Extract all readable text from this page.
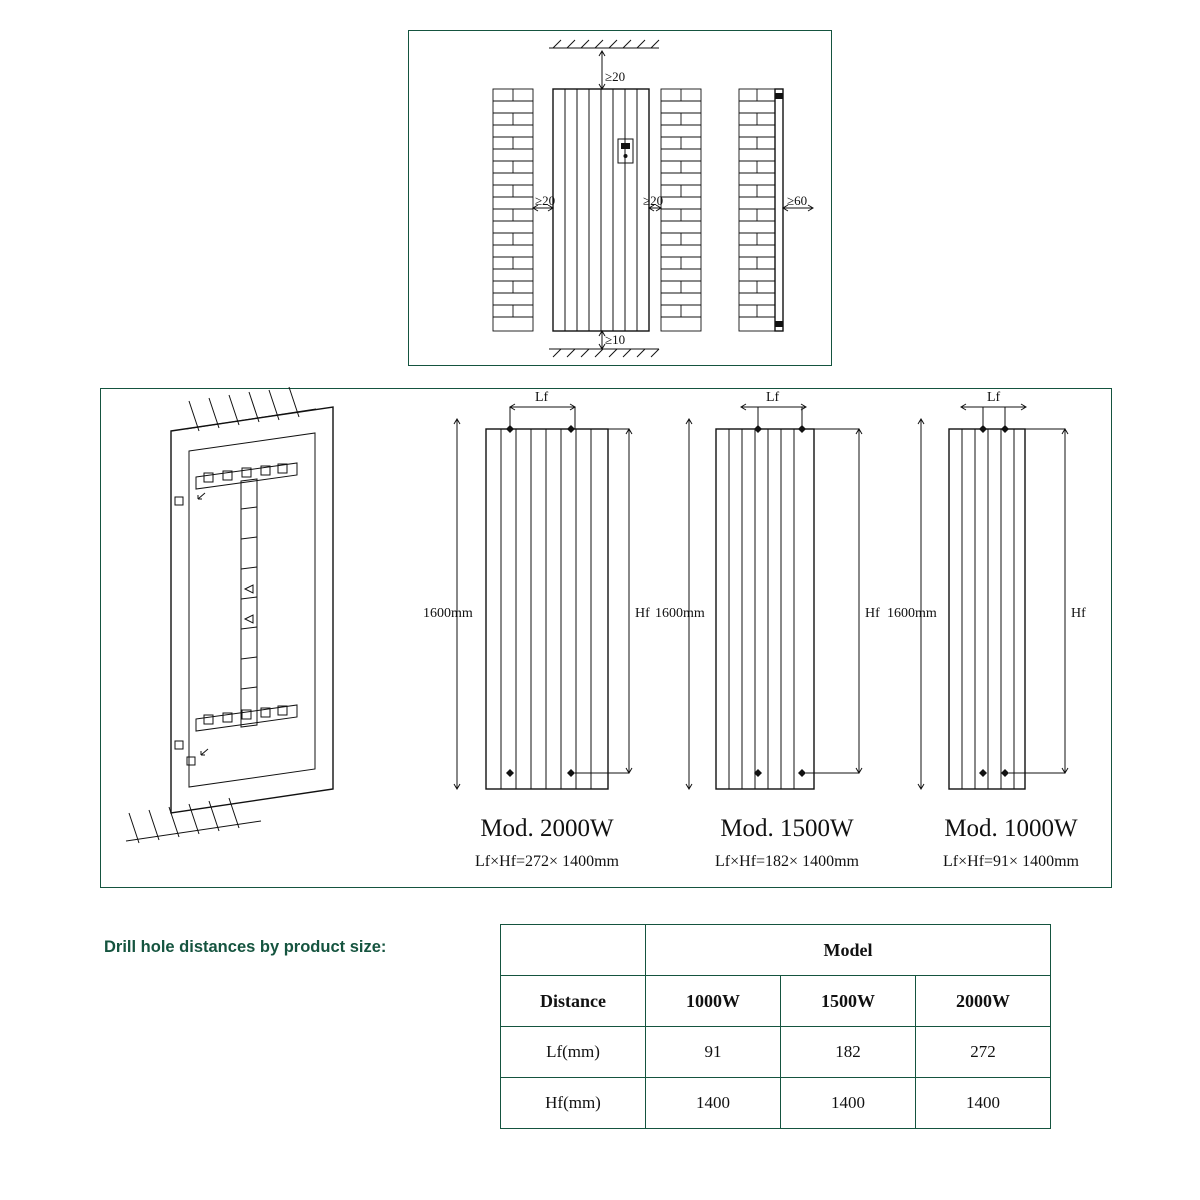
≥20
≥20	≥20	≥60
≥10
1600mm	Hf
Lf
Mod. 2000W
Lf×Hf=272× 1400mm
1600mm	Hf
Lf
Mod. 1500W
Lf×Hf=182× 1400mm
1600mm	Hf
Lf
Mod. 1000W
Lf×Hf=91× 1400mm
Drill hole distances by product size:
		Model		
Distance	1000W	1500W	2000W
Lf(mm)	91	182	272
Hf(mm)	1400	1400	1400
